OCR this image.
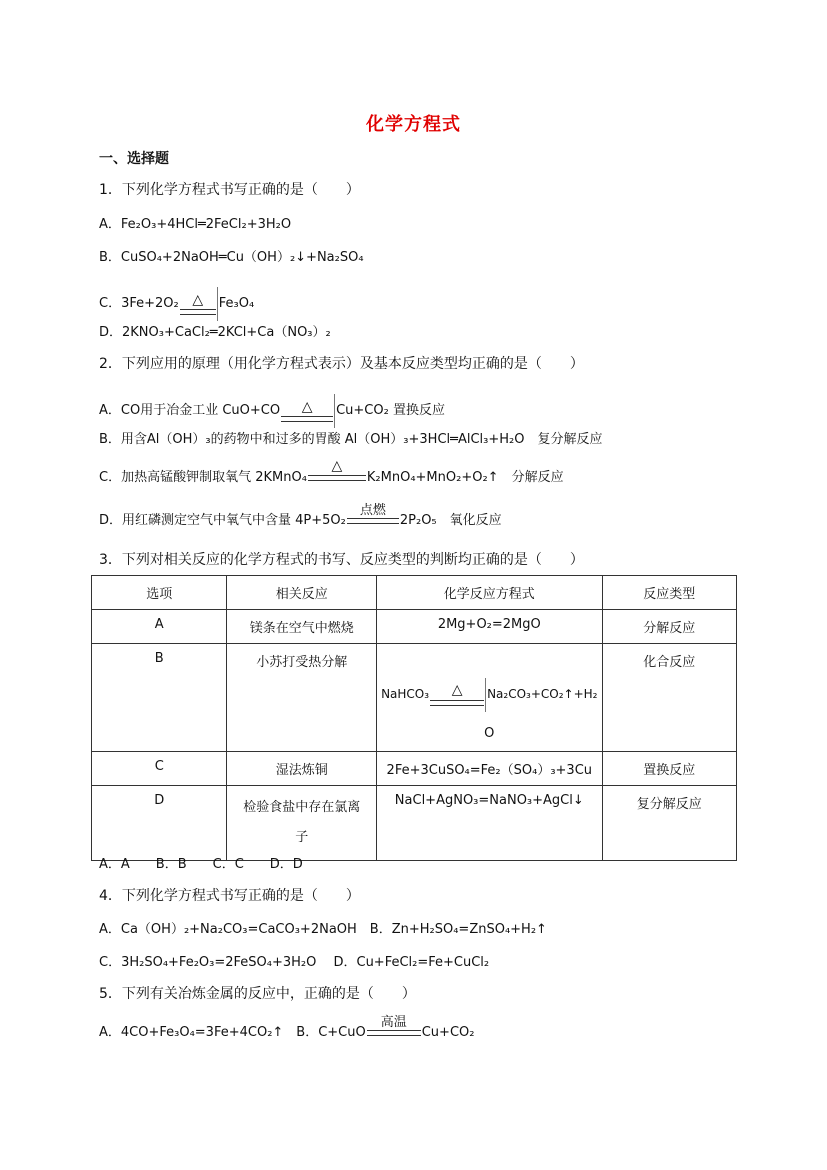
化学方程式
一、选择题
1．下列化学方程式书写正确的是（　　）
A．Fe₂O₃+4HCl═2FeCl₂+3H₂O
B．CuSO₄+2NaOH═Cu（OH）₂↓+Na₂SO₄
C．3Fe+2O₂ △	Fe₃O₄
D．2KNO₃+CaCl₂═2KCl+Ca（NO₃）₂
2．下列应用的原理（用化学方程式表示）及基本反应类型均正确的是（　　）
A．CO用于冶金工业 CuO+CO	△	Cu+CO₂ 置换反应
B．用含Al（OH）₃的药物中和过多的胃酸 Al（OH）₃+3HCl═AlCl₃+H₂O　复分解反应
C．加热高锰酸钾制取氧气 2KMnO₄
△
K₂MnO₄+MnO₂+O₂↑　分解反应
D．用红磷测定空气中氧气中含量 4P+5O₂
点燃
2P₂O₅　氧化反应
3．下列对相关反应的化学方程式的书写、反应类型的判断均正确的是（　　）
选项	相关反应	化学反应方程式	反应类型
A	镁条在空气中燃烧	2Mg+O₂=2MgO	分解反应
B	小苏打受热分解	NaHCO₃ △ Na₂CO₃+CO₂↑+H₂
O	化合反应
C	湿法炼铜	2Fe+3CuSO₄=Fe₂（SO₄）₃+3Cu	置换反应
D	检验食盐中存在氯离子	NaCl+AgNO₃=NaNO₃+AgCl↓	复分解反应
A．A　　B．B　　C．C　　D．D
4．下列化学方程式书写正确的是（　　）
A．Ca（OH）₂+Na₂CO₃=CaCO₃+2NaOH　B．Zn+H₂SO₄=ZnSO₄+H₂↑
C．3H₂SO₄+Fe₂O₃=2FeSO₄+3H₂O　 D．Cu+FeCl₂=Fe+CuCl₂
5．下列有关冶炼金属的反应中，正确的是（　　）
A．4CO+Fe₃O₄=3Fe+4CO₂↑　B．C+CuO
高温
Cu+CO₂
